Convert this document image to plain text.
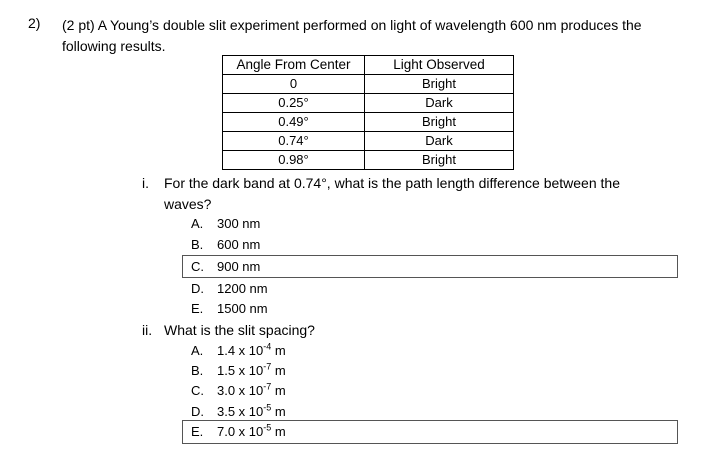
2) (2 pt) A Young’s double slit experiment performed on light of wavelength 600 nm produces the following results.
Angle From Center	Light Observed
0	Bright
0.25°	Dark
0.49°	Bright
0.74°	Dark
0.98°	Bright
i. For the dark band at 0.74°, what is the path length difference between the
waves?
A. 300 nm
B. 600 nm
C. 900 nm
D. 1200 nm
E. 1500 nm
ii. What is the slit spacing?
A. 1.4 x $10^{-4}$ m
B. 1.5 x $10^{-7}$ m
C. 3.0 x $10^{-7}$ m
D. 3.5 x $10^{-5}$ m
E. 7.0 x $10^{-5}$ m
